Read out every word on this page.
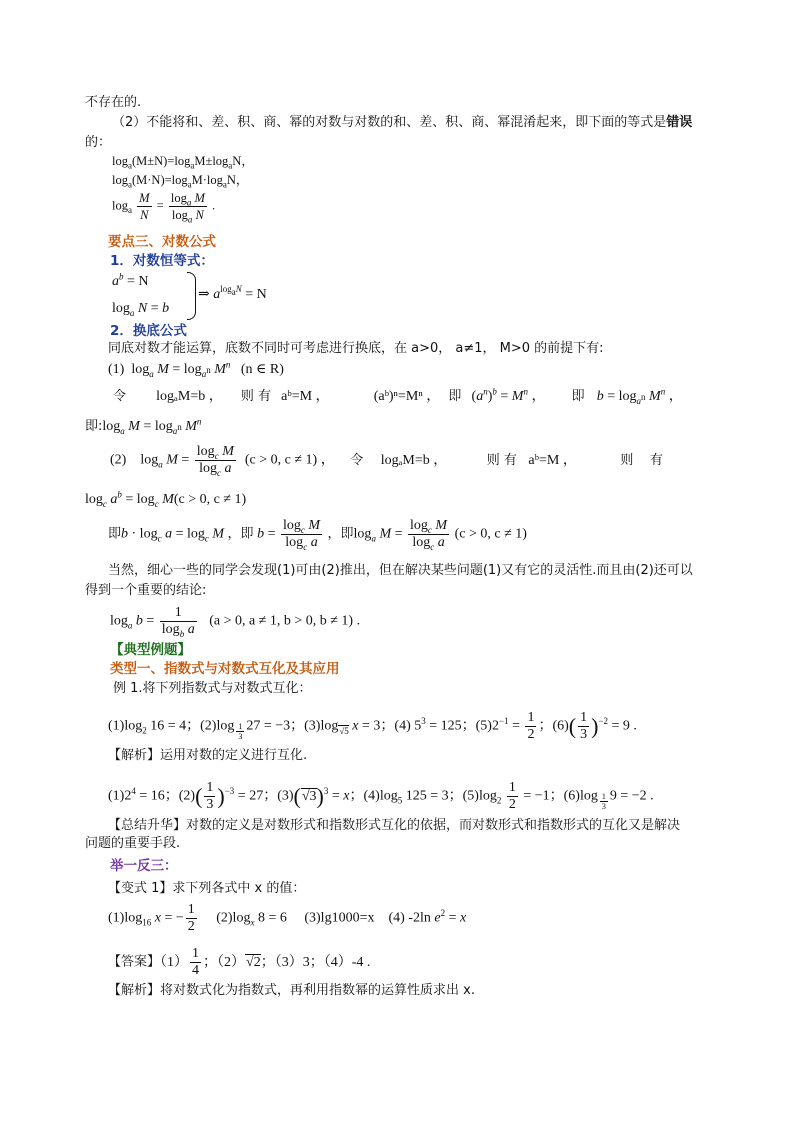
不存在的.
（2）不能将和、差、积、商、幂的对数与对数的和、差、积、商、幂混淆起来，即下面的等式是错误
的：
$\log_a(M\pm N)=\log_aM\pm\log_aN$，
$\log_a(M\cdot N)=\log_aM\cdot\log_aN$，
$\log_a \frac{M}{N} = \frac{\log_a M}{\log_a N}$ .
要点三、对数公式
1．对数恒等式：
$a^b = N$
$\log_a N = b$
⇒ $a^{log_aN} = N$
2．换底公式
同底对数才能运算，底数不同时可考虑进行换底，在 a>0， a≠1， M>0 的前提下有:
(1)  $\log_a M = \log_{a^n} M^n$ (n ∈ R)
令 logₐM=b ， 则 有 aᵇ=M ，	(aᵇ)ⁿ=Mⁿ ， 即 $(a^n)^b = M^n$ ， 即 $b = \log_{a^n} M^n$ ，
即$:\log_a$ $M = \log_{a^n} M^n$
(2)    $\log_a M = \frac{\log_c M}{\log_c a} (c > 0$, c ≠ 1) ， 令 logₐM=b ，	则 有 aᵇ=M ，	则    有
$\log_c a^b = \log_c M(c > 0$, c ≠ 1)
即$b \cdot \log_c a = \log_c M$ ，即 $b = \frac{\log_c M}{\log_c a}$ ，即$\log_a M = \frac{\log_c M}{\log_c a} (c > 0$, c ≠ 1)
当然，细心一些的同学会发现(1)可由(2)推出，但在解决某些问题(1)又有它的灵活性.而且由(2)还可以
得到一个重要的结论:
$\log_a b = \frac{1}{\log_b a} (a > 0$, a ≠ 1, b > 0, b ≠ 1) .
【典型例题】
类型一、指数式与对数式互化及其应用
例 1.将下列指数式与对数式互化：
$(1)\log_2$ 16 = 4；(2)log $_{\frac{1}{3}}$ 27 = −3；$(3)\log_{√5}$ x = 3；(4) $5^3 = 125$；$(5)2^{-1} = \frac{1}{2}$ ；$(6)( \frac{1}{3} )^{-2} = 9$ .
【解析】运用对数的定义进行互化.
$(1)2^4 = 16$；$(2)( \frac{1}{3} )^{-3} = 27$；$(3)(√3)^3 = x$；$(4)\log_5$ 125 = 3；$(5)\log_2 \frac{1}{2} = -1$；(6)log $_{\frac{1}{3}}$ 9 = −2 .
【总结升华】对数的定义是对数形式和指数形式互化的依据，而对数形式和指数形式的互化又是解决
问题的重要手段.
举一反三：
【变式 1】求下列各式中 x 的值：
$(1)\log_{16}$ x = − $\frac{1}{2} (2)\log_x$ 8 = 6     (3)lg1000=x    (4) -2ln $e^2 = x$
【答案】$(1) \frac{1}{4}$ ；（2）√2；（3）3；（4）-4 .
【解析】将对数式化为指数式，再利用指数幂的运算性质求出 x.
